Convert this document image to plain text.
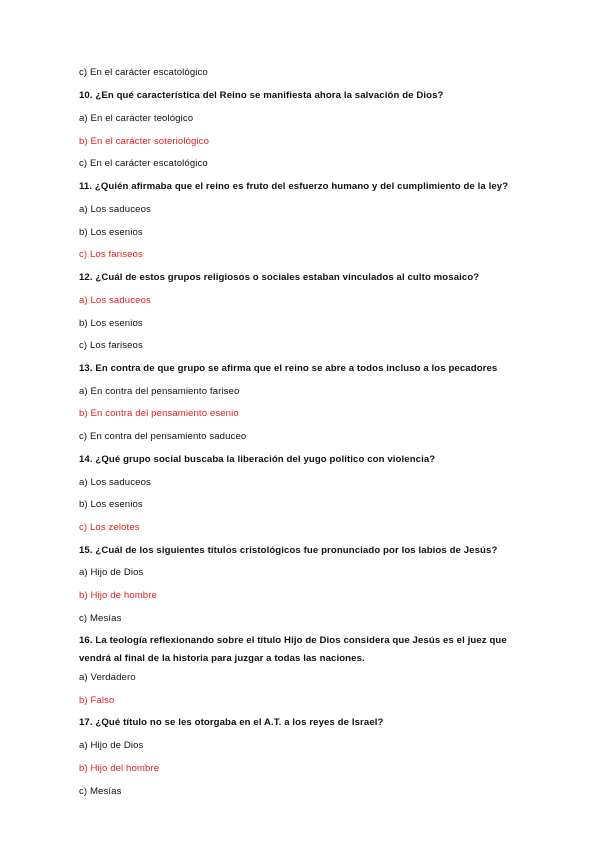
c) En el carácter escatológico
10. ¿En qué característica del Reino se manifiesta ahora la salvación de Dios?
a) En el carácter teológico
b) En el carácter soteriológico
c) En el carácter escatológico
11. ¿Quién afirmaba que el reino es fruto del esfuerzo humano y del cumplimiento de la ley?
a) Los saduceos
b) Los esenios
c) Los fariseos
12. ¿Cuál de estos grupos religiosos o sociales estaban vinculados al culto mosaico?
a) Los saduceos
b) Los esenios
c) Los fariseos
13. En contra de que grupo se afirma que el reino se abre a todos incluso a los pecadores
a) En contra del pensamiento fariseo
b) En contra del pensamiento esenio
c) En contra del pensamiento saduceo
14. ¿Qué grupo social buscaba la liberación del yugo político con violencia?
a) Los saduceos
b) Los esenios
c) Los zelotes
15. ¿Cuál de los siguientes títulos cristológicos fue pronunciado por los labios de Jesús?
a) Hijo de Dios
b) Hijo de hombre
c) Mesías
16. La teología reflexionando sobre el título Hijo de Dios considera que Jesús es el juez que vendrá al final de la historia para juzgar a todas las naciones.
a) Verdadero
b) Falso
17. ¿Qué título no se les otorgaba en el A.T. a los reyes de Israel?
a) Hijo de Dios
b) Hijo del hombre
c) Mesías
